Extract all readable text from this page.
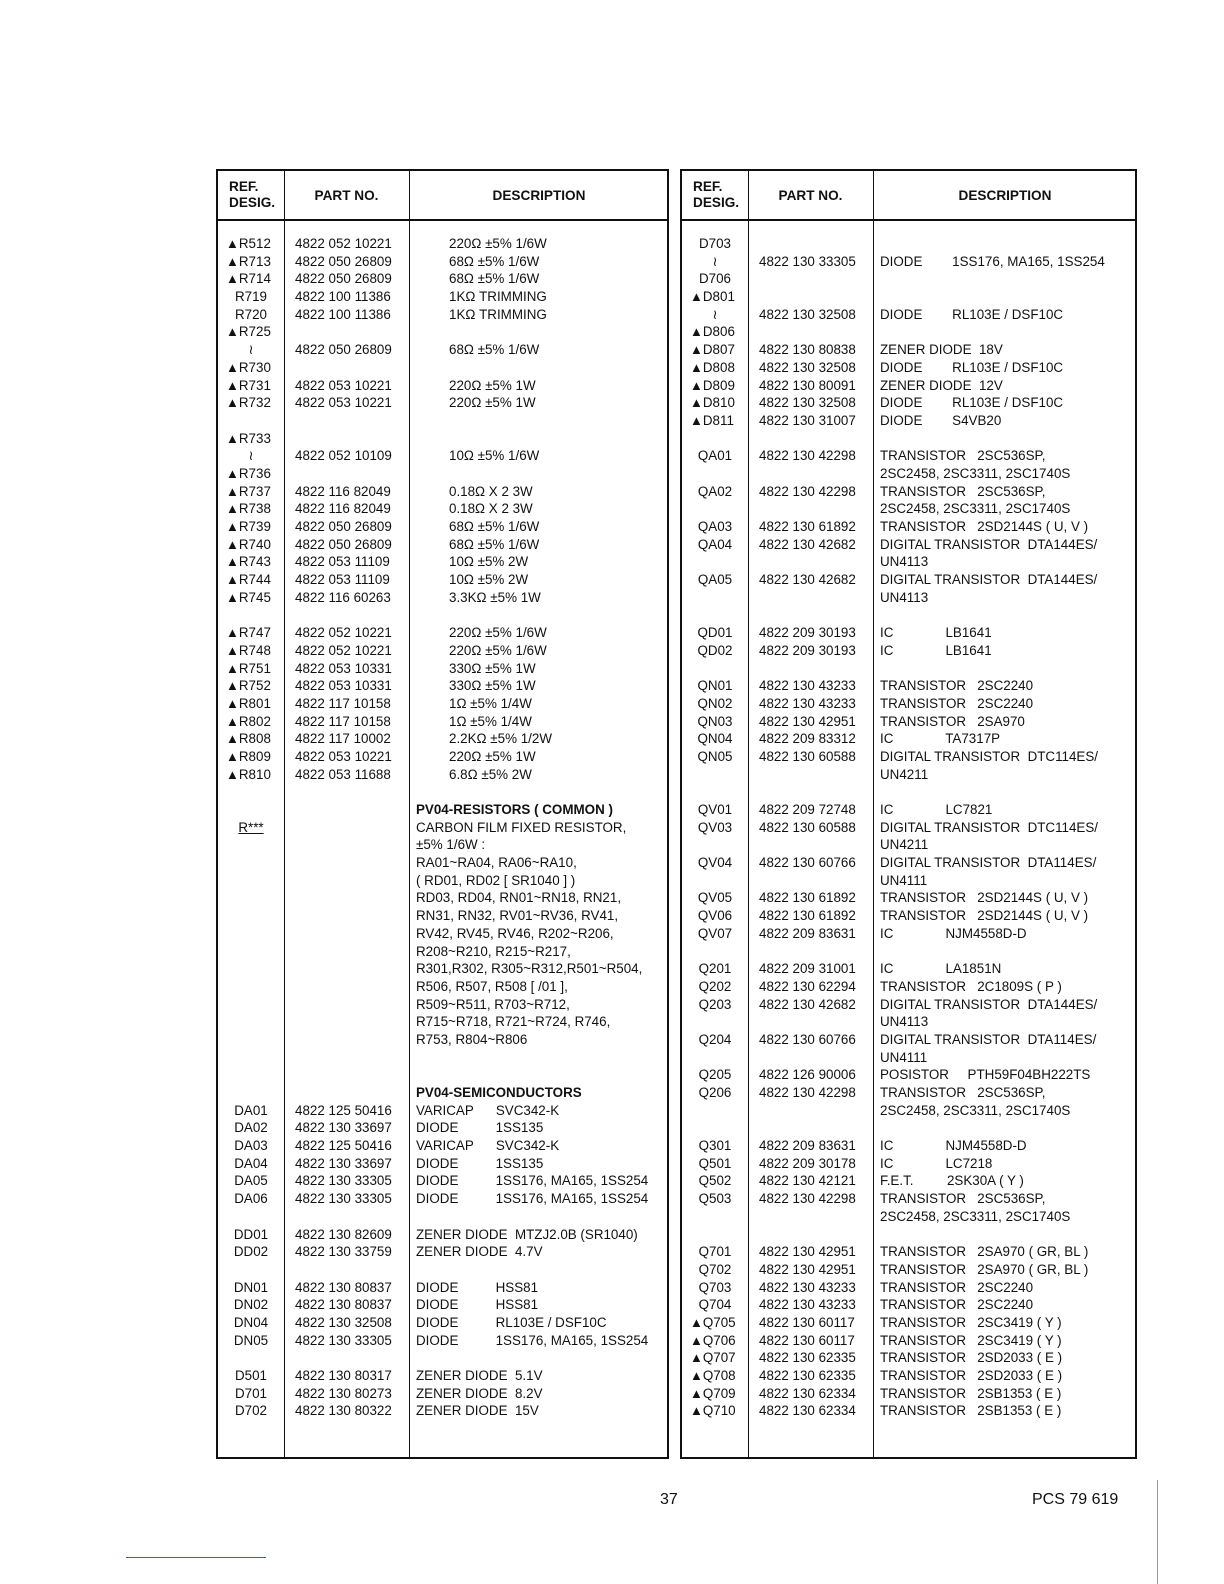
REF.
DESIG.	PART NO.	DESCRIPTION
▲R512	4822 052 10221	220Ω ±5% 1/6W
▲R713	4822 050 26809	68Ω ±5% 1/6W
▲R714	4822 050 26809	68Ω ±5% 1/6W
R719	4822 100 11386	1KΩ TRIMMING
R720	4822 100 11386	1KΩ TRIMMING
▲R725
≀	4822 050 26809	68Ω ±5% 1/6W
▲R730
▲R731	4822 053 10221	220Ω ±5% 1W
▲R732	4822 053 10221	220Ω ±5% 1W
▲R733
≀	4822 052 10109	10Ω ±5% 1/6W
▲R736
▲R737	4822 116 82049	0.18Ω X 2 3W
▲R738	4822 116 82049	0.18Ω X 2 3W
▲R739	4822 050 26809	68Ω ±5% 1/6W
▲R740	4822 050 26809	68Ω ±5% 1/6W
▲R743	4822 053 11109	10Ω ±5% 2W
▲R744	4822 053 11109	10Ω ±5% 2W
▲R745	4822 116 60263	3.3KΩ ±5% 1W
▲R747	4822 052 10221	220Ω ±5% 1/6W
▲R748	4822 052 10221	220Ω ±5% 1/6W
▲R751	4822 053 10331	330Ω ±5% 1W
▲R752	4822 053 10331	330Ω ±5% 1W
▲R801	4822 117 10158	1Ω ±5% 1/4W
▲R802	4822 117 10158	1Ω ±5% 1/4W
▲R808	4822 117 10002	2.2KΩ ±5% 1/2W
▲R809	4822 053 10221	220Ω ±5% 1W
▲R810	4822 053 11688	6.8Ω ±5% 2W
PV04-RESISTORS ( COMMON )
R***	CARBON FILM FIXED RESISTOR,
±5% 1/6W :
RA01~RA04, RA06~RA10,
( RD01, RD02 [ SR1040 ] )
RD03, RD04, RN01~RN18, RN21,
RN31, RN32, RV01~RV36, RV41,
RV42, RV45, RV46, R202~R206,
R208~R210, R215~R217,
R301,R302, R305~R312,R501~R504,
R506, R507, R508 [ /01 ],
R509~R511, R703~R712,
R715~R718, R721~R724, R746,
R753, R804~R806
PV04-SEMICONDUCTORS
DA01	4822 125 50416	VARICAP      SVC342-K
DA02	4822 130 33697	DIODE          1SS135
DA03	4822 125 50416	VARICAP      SVC342-K
DA04	4822 130 33697	DIODE          1SS135
DA05	4822 130 33305	DIODE          1SS176, MA165, 1SS254
DA06	4822 130 33305	DIODE          1SS176, MA165, 1SS254
DD01	4822 130 82609	ZENER DIODE  MTZJ2.0B (SR1040)
DD02	4822 130 33759	ZENER DIODE  4.7V
DN01	4822 130 80837	DIODE          HSS81
DN02	4822 130 80837	DIODE          HSS81
DN04	4822 130 32508	DIODE          RL103E / DSF10C
DN05	4822 130 33305	DIODE          1SS176, MA165, 1SS254
D501	4822 130 80317	ZENER DIODE  5.1V
D701	4822 130 80273	ZENER DIODE  8.2V
D702	4822 130 80322	ZENER DIODE  15V
REF.
DESIG.	PART NO.	DESCRIPTION
D703
≀	4822 130 33305	DIODE        1SS176, MA165, 1SS254
D706
▲D801
≀	4822 130 32508	DIODE        RL103E / DSF10C
▲D806
▲D807	4822 130 80838	ZENER DIODE  18V
▲D808	4822 130 32508	DIODE        RL103E / DSF10C
▲D809	4822 130 80091	ZENER DIODE  12V
▲D810	4822 130 32508	DIODE        RL103E / DSF10C
▲D811	4822 130 31007	DIODE        S4VB20
QA01	4822 130 42298	TRANSISTOR   2SC536SP,
2SC2458, 2SC3311, 2SC1740S
QA02	4822 130 42298	TRANSISTOR   2SC536SP,
2SC2458, 2SC3311, 2SC1740S
QA03	4822 130 61892	TRANSISTOR   2SD2144S ( U, V )
QA04	4822 130 42682	DIGITAL TRANSISTOR  DTA144ES/
UN4113
QA05	4822 130 42682	DIGITAL TRANSISTOR  DTA144ES/
UN4113
QD01	4822 209 30193	IC              LB1641
QD02	4822 209 30193	IC              LB1641
QN01	4822 130 43233	TRANSISTOR   2SC2240
QN02	4822 130 43233	TRANSISTOR   2SC2240
QN03	4822 130 42951	TRANSISTOR   2SA970
QN04	4822 209 83312	IC              TA7317P
QN05	4822 130 60588	DIGITAL TRANSISTOR  DTC114ES/
UN4211
QV01	4822 209 72748	IC              LC7821
QV03	4822 130 60588	DIGITAL TRANSISTOR  DTC114ES/
UN4211
QV04	4822 130 60766	DIGITAL TRANSISTOR  DTA114ES/
UN4111
QV05	4822 130 61892	TRANSISTOR   2SD2144S ( U, V )
QV06	4822 130 61892	TRANSISTOR   2SD2144S ( U, V )
QV07	4822 209 83631	IC              NJM4558D-D
Q201	4822 209 31001	IC              LA1851N
Q202	4822 130 62294	TRANSISTOR   2C1809S ( P )
Q203	4822 130 42682	DIGITAL TRANSISTOR  DTA144ES/
UN4113
Q204	4822 130 60766	DIGITAL TRANSISTOR  DTA114ES/
UN4111
Q205	4822 126 90006	POSISTOR     PTH59F04BH222TS
Q206	4822 130 42298	TRANSISTOR   2SC536SP,
2SC2458, 2SC3311, 2SC1740S
Q301	4822 209 83631	IC              NJM4558D-D
Q501	4822 209 30178	IC              LC7218
Q502	4822 130 42121	F.E.T.         2SK30A ( Y )
Q503	4822 130 42298	TRANSISTOR   2SC536SP,
2SC2458, 2SC3311, 2SC1740S
Q701	4822 130 42951	TRANSISTOR   2SA970 ( GR, BL )
Q702	4822 130 42951	TRANSISTOR   2SA970 ( GR, BL )
Q703	4822 130 43233	TRANSISTOR   2SC2240
Q704	4822 130 43233	TRANSISTOR   2SC2240
▲Q705	4822 130 60117	TRANSISTOR   2SC3419 ( Y )
▲Q706	4822 130 60117	TRANSISTOR   2SC3419 ( Y )
▲Q707	4822 130 62335	TRANSISTOR   2SD2033 ( E )
▲Q708	4822 130 62335	TRANSISTOR   2SD2033 ( E )
▲Q709	4822 130 62334	TRANSISTOR   2SB1353 ( E )
▲Q710	4822 130 62334	TRANSISTOR   2SB1353 ( E )
37	PCS 79 619
